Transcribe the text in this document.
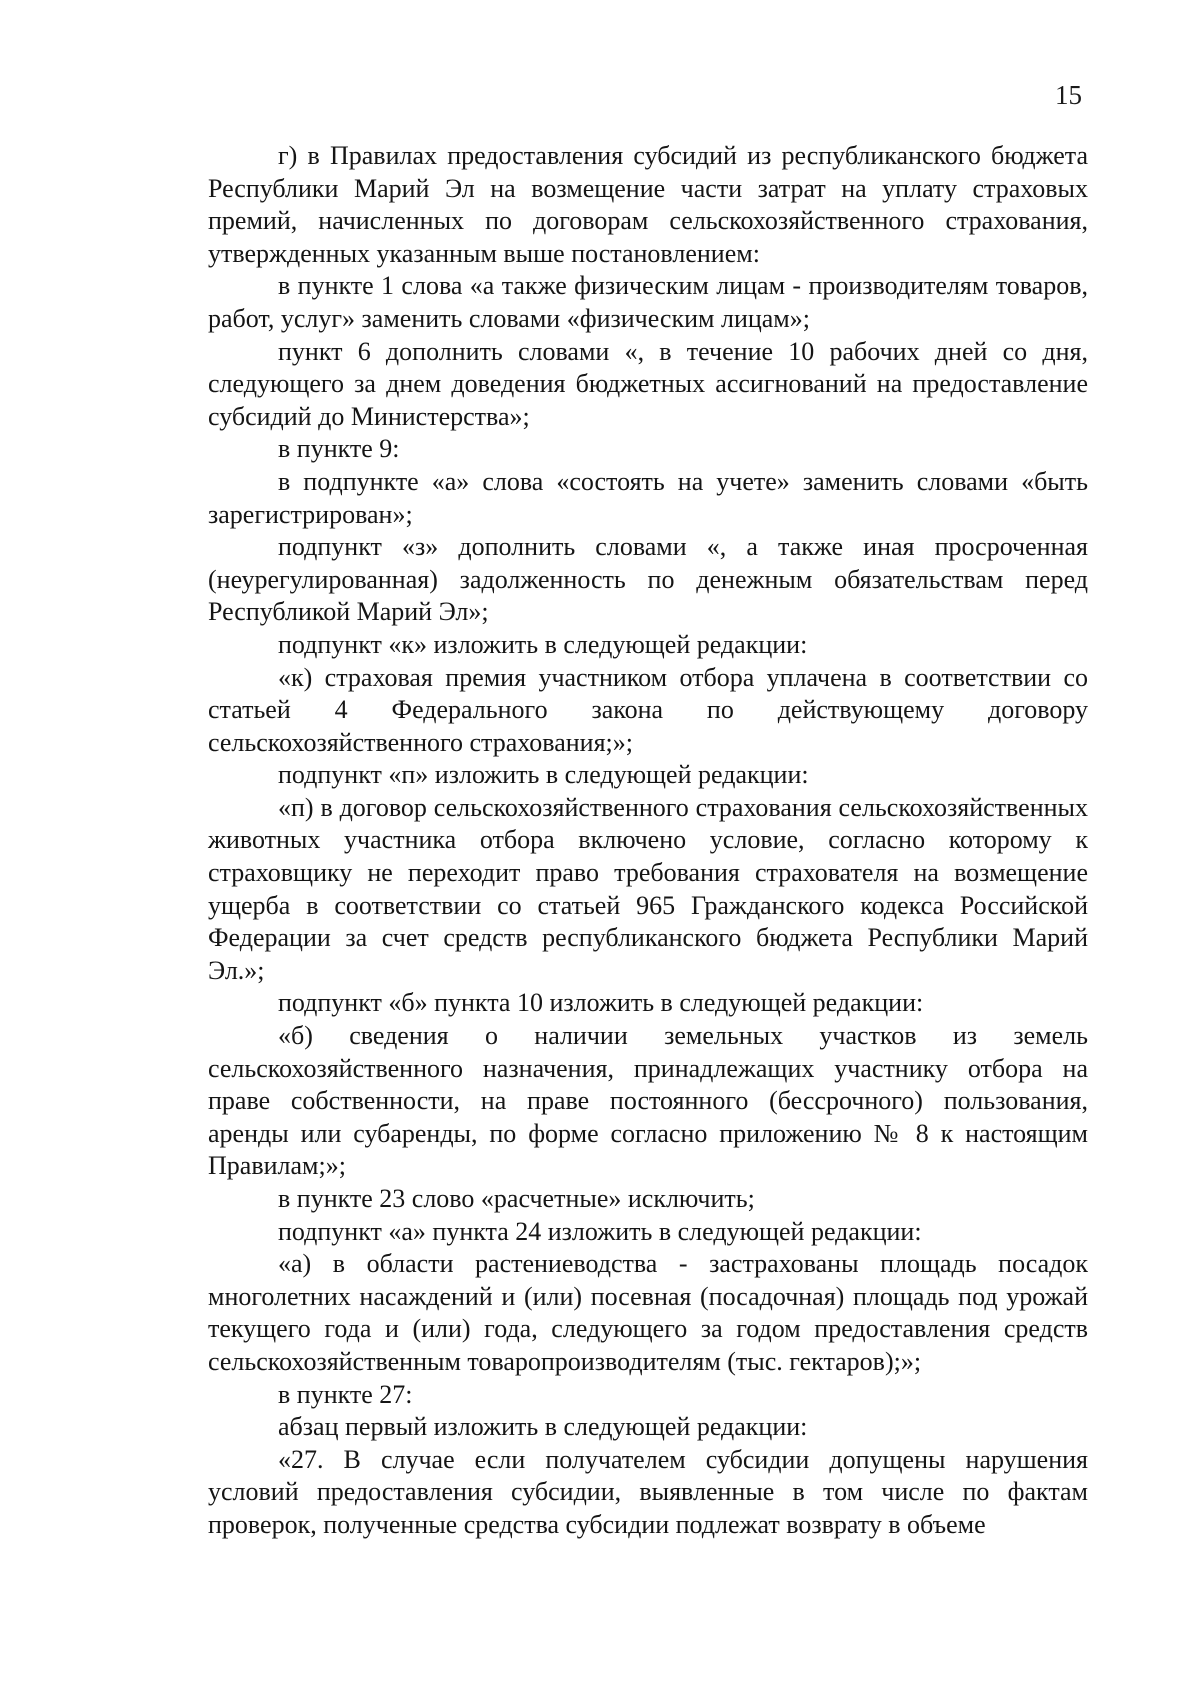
15

г) в Правилах предоставления субсидий из республиканского бюджета Республики Марий Эл на возмещение части затрат на уплату страховых премий, начисленных по договорам сельскохозяйственного страхования, утвержденных указанным выше постановлением:

в пункте 1 слова «а также физическим лицам - производителям товаров, работ, услуг» заменить словами «физическим лицам»;

пункт 6 дополнить словами «, в течение 10 рабочих дней со дня, следующего за днем доведения бюджетных ассигнований на предоставление субсидий до Министерства»;

в пункте 9:

в подпункте «а» слова «состоять на учете» заменить словами «быть зарегистрирован»;

подпункт «з» дополнить словами «, а также иная просроченная (неурегулированная) задолженность по денежным обязательствам перед Республикой Марий Эл»;

подпункт «к» изложить в следующей редакции:

«к) страховая премия участником отбора уплачена в соответствии со статьей 4 Федерального закона по действующему договору сельскохозяйственного страхования;»;

подпункт «п» изложить в следующей редакции:

«п) в договор сельскохозяйственного страхования сельскохозяйственных животных участника отбора включено условие, согласно которому к страховщику не переходит право требования страхователя на возмещение ущерба в соответствии со статьей 965 Гражданского кодекса Российской Федерации за счет средств республиканского бюджета Республики Марий Эл.»;

подпункт «б» пункта 10 изложить в следующей редакции:

«б) сведения о наличии земельных участков из земель сельскохозяйственного назначения, принадлежащих участнику отбора на праве собственности, на праве постоянного (бессрочного) пользования, аренды или субаренды, по форме согласно приложению № 8 к настоящим Правилам;»;

в пункте 23 слово «расчетные» исключить;

подпункт «а» пункта 24 изложить в следующей редакции:

«а) в области растениеводства - застрахованы площадь посадок многолетних насаждений и (или) посевная (посадочная) площадь под урожай текущего года и (или) года, следующего за годом предоставления средств сельскохозяйственным товаропроизводителям (тыс. гектаров);»;

в пункте 27:

абзац первый изложить в следующей редакции:

«27. В случае если получателем субсидии допущены нарушения условий предоставления субсидии, выявленные в том числе по фактам проверок, полученные средства субсидии подлежат возврату в объеме
